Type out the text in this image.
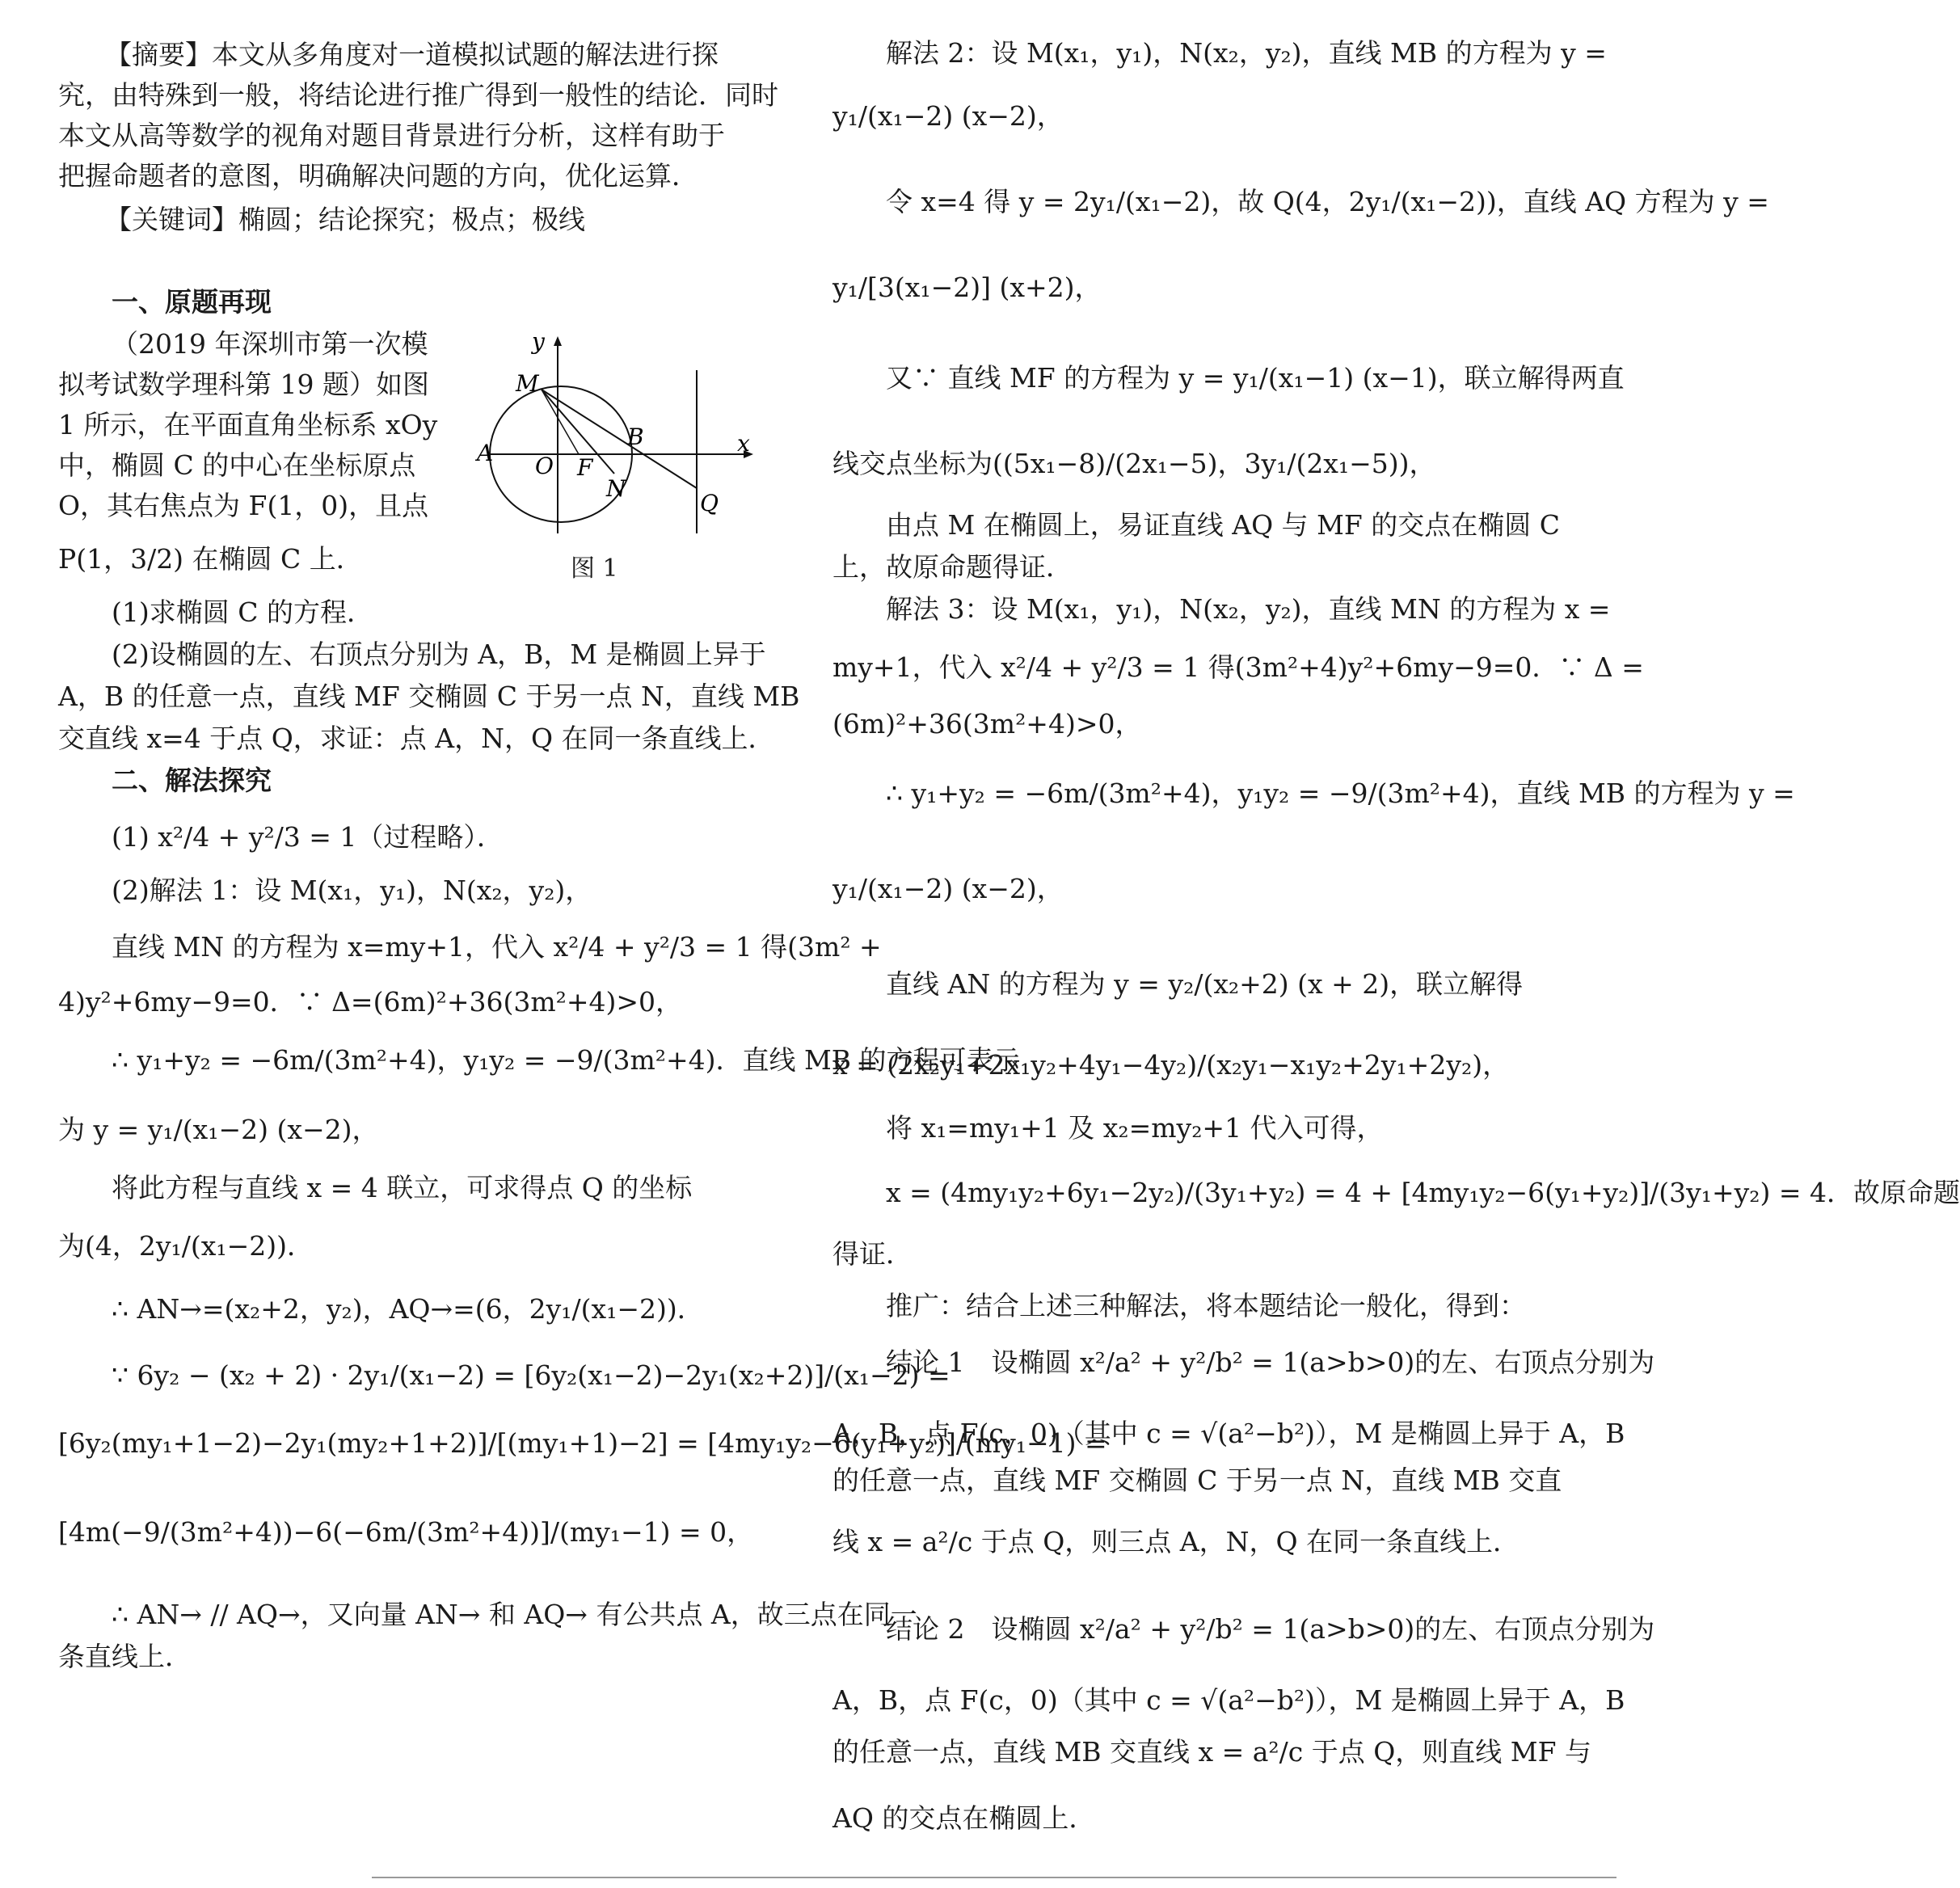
【摘要】本文从多角度对一道模拟试题的解法进行探
究，由特殊到一般，将结论进行推广得到一般性的结论．同时
本文从高等数学的视角对题目背景进行分析，这样有助于
把握命题者的意图，明确解决问题的方向，优化运算．
【关键词】椭圆；结论探究；极点；极线
一、原题再现
（2019 年深圳市第一次模
拟考试数学理科第 19 题）如图
1 所示，在平面直角坐标系 xOy
中，椭圆 C 的中心在坐标原点
O，其右焦点为 F(1，0)，且点
P(1，3/2) 在椭圆 C 上．
(1)求椭圆 C 的方程．
(2)设椭圆的左、右顶点分别为 A，B，M 是椭圆上异于
A，B 的任意一点，直线 MF 交椭圆 C 于另一点 N，直线 MB
交直线 x=4 于点 Q，求证：点 A，N，Q 在同一条直线上．
二、解法探究
(1) x²/4 + y²/3 = 1（过程略）．
(2)解法 1：设 M(x₁，y₁)，N(x₂，y₂)，
直线 MN 的方程为 x=my+1，代入 x²/4 + y²/3 = 1 得(3m² +
4)y²+6my−9=0．∵ Δ=(6m)²+36(3m²+4)>0，
∴ y₁+y₂ = −6m/(3m²+4)，y₁y₂ = −9/(3m²+4)．直线 MB 的方程可表示
为 y = y₁/(x₁−2) (x−2)，
将此方程与直线 x = 4 联立，可求得点 Q 的坐标
为(4，2y₁/(x₁−2))．
∴ AN→=(x₂+2，y₂)，AQ→=(6，2y₁/(x₁−2))．
∵ 6y₂ − (x₂ + 2) · 2y₁/(x₁−2) = [6y₂(x₁−2)−2y₁(x₂+2)]/(x₁−2) =
[6y₂(my₁+1−2)−2y₁(my₂+1+2)]/[(my₁+1)−2] = [4my₁y₂−6(y₁+y₂)]/(my₁−1) =
[4m(−9/(3m²+4))−6(−6m/(3m²+4))]/(my₁−1) = 0，
∴ AN→ // AQ→，又向量 AN→ 和 AQ→ 有公共点 A，故三点在同一
条直线上．
解法 2：设 M(x₁，y₁)，N(x₂，y₂)，直线 MB 的方程为 y =
y₁/(x₁−2) (x−2)，
令 x=4 得 y = 2y₁/(x₁−2)，故 Q(4，2y₁/(x₁−2))，直线 AQ 方程为 y =
y₁/[3(x₁−2)] (x+2)，
又∵ 直线 MF 的方程为 y = y₁/(x₁−1) (x−1)，联立解得两直
线交点坐标为((5x₁−8)/(2x₁−5)，3y₁/(2x₁−5))，
由点 M 在椭圆上，易证直线 AQ 与 MF 的交点在椭圆 C
上，故原命题得证．
解法 3：设 M(x₁，y₁)，N(x₂，y₂)，直线 MN 的方程为 x =
my+1，代入 x²/4 + y²/3 = 1 得(3m²+4)y²+6my−9=0．∵ Δ =
(6m)²+36(3m²+4)>0，
∴ y₁+y₂ = −6m/(3m²+4)，y₁y₂ = −9/(3m²+4)，直线 MB 的方程为 y =
y₁/(x₁−2) (x−2)，
直线 AN 的方程为 y = y₂/(x₂+2) (x + 2)，联立解得
x = (2x₂y₁+2x₁y₂+4y₁−4y₂)/(x₂y₁−x₁y₂+2y₁+2y₂)，
将 x₁=my₁+1 及 x₂=my₂+1 代入可得，
x = (4my₁y₂+6y₁−2y₂)/(3y₁+y₂) = 4 + [4my₁y₂−6(y₁+y₂)]/(3y₁+y₂) = 4．故原命题
得证．
推广：结合上述三种解法，将本题结论一般化，得到：
结论 1　设椭圆 x²/a² + y²/b² = 1(a>b>0)的左、右顶点分别为
A，B，点 F(c，0)（其中 c = √(a²−b²)），M 是椭圆上异于 A，B
的任意一点，直线 MF 交椭圆 C 于另一点 N，直线 MB 交直
线 x = a²/c 于点 Q，则三点 A，N，Q 在同一条直线上．
结论 2　设椭圆 x²/a² + y²/b² = 1(a>b>0)的左、右顶点分别为
A，B，点 F(c，0)（其中 c = √(a²−b²)），M 是椭圆上异于 A，B
的任意一点，直线 MB 交直线 x = a²/c 于点 Q，则直线 MF 与
AQ 的交点在椭圆上．
y
x
M
A O F
B
N
Q
图 1
